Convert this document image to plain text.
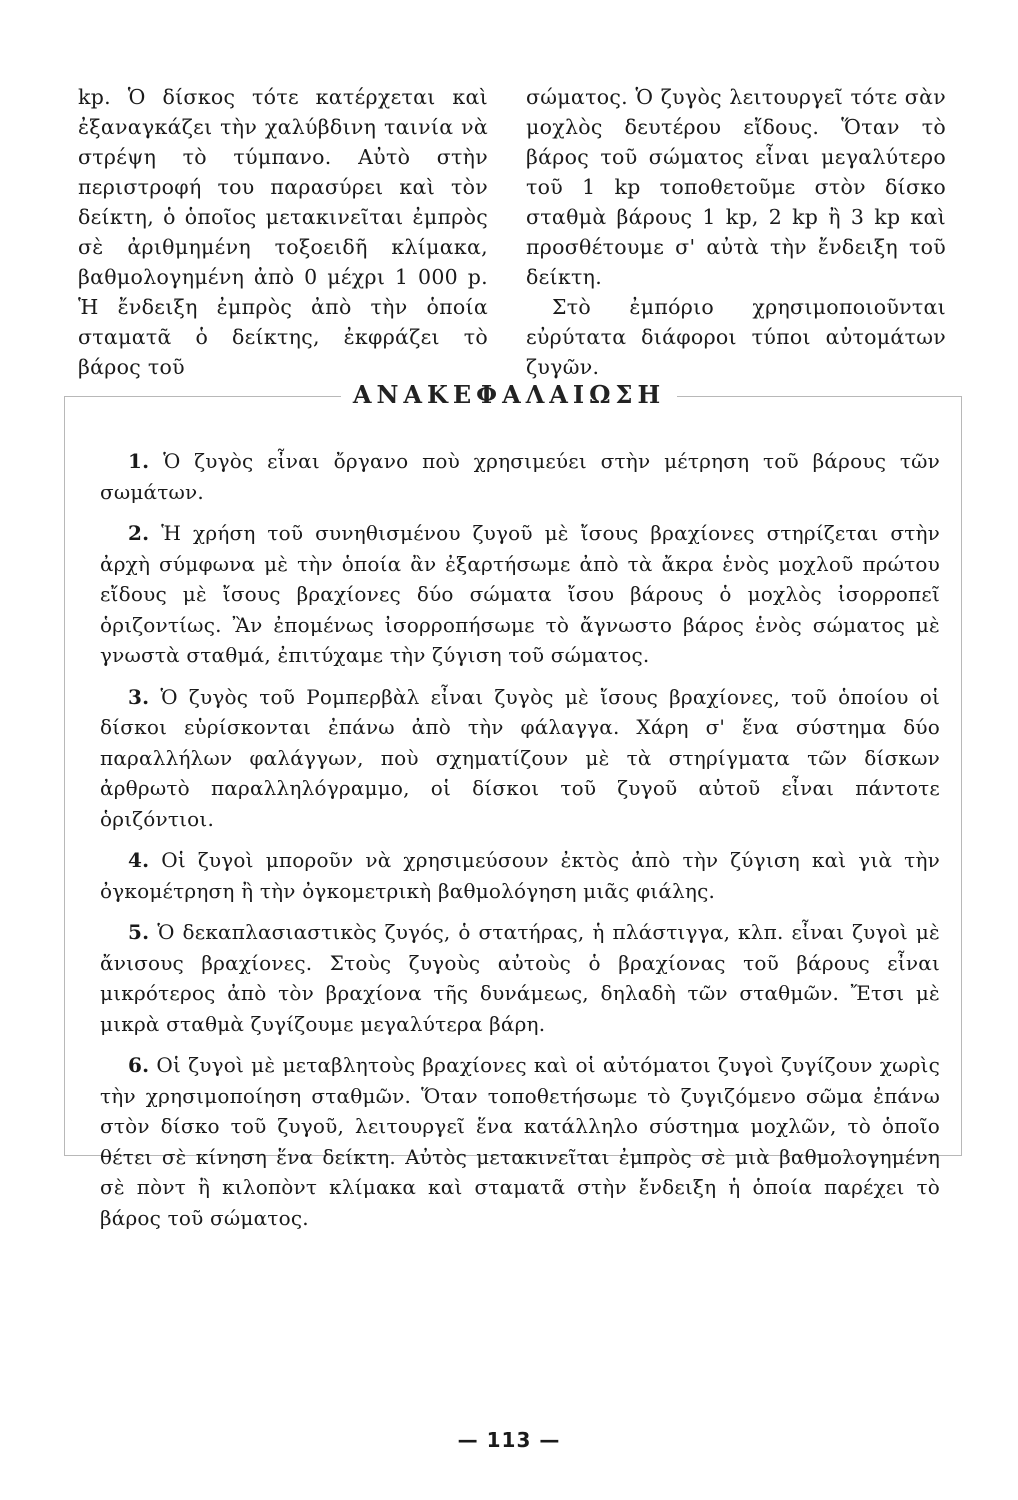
kp. Ὁ δίσκος τότε κατέρχεται καὶ ἐξαναγκάζει τὴν χαλύβδινη ταινία νὰ στρέψη τὸ τύμπανο. Αὐτὸ στὴν περιστροφή του παρασύρει καὶ τὸν δείκτη, ὁ ὁποῖος μετακινεῖται ἐμπρὸς σὲ ἀριθμημένη τοξοειδῆ κλίμακα, βαθμολογημένη ἀπὸ 0 μέχρι 1 000 p. Ἡ ἔνδειξη ἐμπρὸς ἀπὸ τὴν ὁποία σταματᾶ ὁ δείκτης, ἐκφράζει τὸ βάρος τοῦ

σώματος. Ὁ ζυγὸς λειτουργεῖ τότε σὰν μοχλὸς δευτέρου εἴδους. Ὅταν τὸ βάρος τοῦ σώματος εἶναι μεγαλύτερο τοῦ 1 kp τοποθετοῦμε στὸν δίσκο σταθμὰ βάρους 1 kp, 2 kp ἢ 3 kp καὶ προσθέτουμε σ' αὐτὰ τὴν ἔνδειξη τοῦ δείκτη.

Στὸ ἐμπόριο χρησιμοποιοῦνται εὐρύτατα διάφοροι τύποι αὐτομάτων ζυγῶν.

ΑΝΑΚΕΦΑΛΑΙΩΣΗ

1. Ὁ ζυγὸς εἶναι ὄργανο ποὺ χρησιμεύει στὴν μέτρηση τοῦ βάρους τῶν σωμάτων.

2. Ἡ χρήση τοῦ συνηθισμένου ζυγοῦ μὲ ἴσους βραχίονες στηρίζεται στὴν ἀρχὴ σύμφωνα μὲ τὴν ὁποία ἂν ἐξαρτήσωμε ἀπὸ τὰ ἄκρα ἑνὸς μοχλοῦ πρώτου εἴδους μὲ ἴσους βραχίονες δύο σώματα ἴσου βάρους ὁ μοχλὸς ἰσορροπεῖ ὁριζοντίως. Ἂν ἐπομένως ἰσορροπήσωμε τὸ ἄγνωστο βάρος ἑνὸς σώματος μὲ γνωστὰ σταθμά, ἐπιτύχαμε τὴν ζύγιση τοῦ σώματος.

3. Ὁ ζυγὸς τοῦ Ρομπερβὰλ εἶναι ζυγὸς μὲ ἴσους βραχίονες, τοῦ ὁποίου οἱ δίσκοι εὑρίσκονται ἐπάνω ἀπὸ τὴν φάλαγγα. Χάρη σ' ἕνα σύστημα δύο παραλλήλων φαλάγγων, ποὺ σχηματίζουν μὲ τὰ στηρίγματα τῶν δίσκων ἀρθρωτὸ παραλληλόγραμμο, οἱ δίσκοι τοῦ ζυγοῦ αὐτοῦ εἶναι πάντοτε ὁριζόντιοι.

4. Οἱ ζυγοὶ μποροῦν νὰ χρησιμεύσουν ἐκτὸς ἀπὸ τὴν ζύγιση καὶ γιὰ τὴν ὀγκομέτρηση ἢ τὴν ὀγκομετρικὴ βαθμολόγηση μιᾶς φιάλης.

5. Ὁ δεκαπλασιαστικὸς ζυγός, ὁ στατήρας, ἡ πλάστιγγα, κλπ. εἶναι ζυγοὶ μὲ ἄνισους βραχίονες. Στοὺς ζυγοὺς αὐτοὺς ὁ βραχίονας τοῦ βάρους εἶναι μικρότερος ἀπὸ τὸν βραχίονα τῆς δυνάμεως, δηλαδὴ τῶν σταθμῶν. Ἔτσι μὲ μικρὰ σταθμὰ ζυγίζουμε μεγαλύτερα βάρη.

6. Οἱ ζυγοὶ μὲ μεταβλητοὺς βραχίονες καὶ οἱ αὐτόματοι ζυγοὶ ζυγίζουν χωρὶς τὴν χρησιμοποίηση σταθμῶν. Ὅταν τοποθετήσωμε τὸ ζυγιζόμενο σῶμα ἐπάνω στὸν δίσκο τοῦ ζυγοῦ, λειτουργεῖ ἕνα κατάλληλο σύστημα μοχλῶν, τὸ ὁποῖο θέτει σὲ κίνηση ἕνα δείκτη. Αὐτὸς μετακινεῖται ἐμπρὸς σὲ μιὰ βαθμολογημένη σὲ πὸντ ἢ κιλοπὸντ κλίμακα καὶ σταματᾶ στὴν ἔνδειξη ἡ ὁποία παρέχει τὸ βάρος τοῦ σώματος.

— 113 —
